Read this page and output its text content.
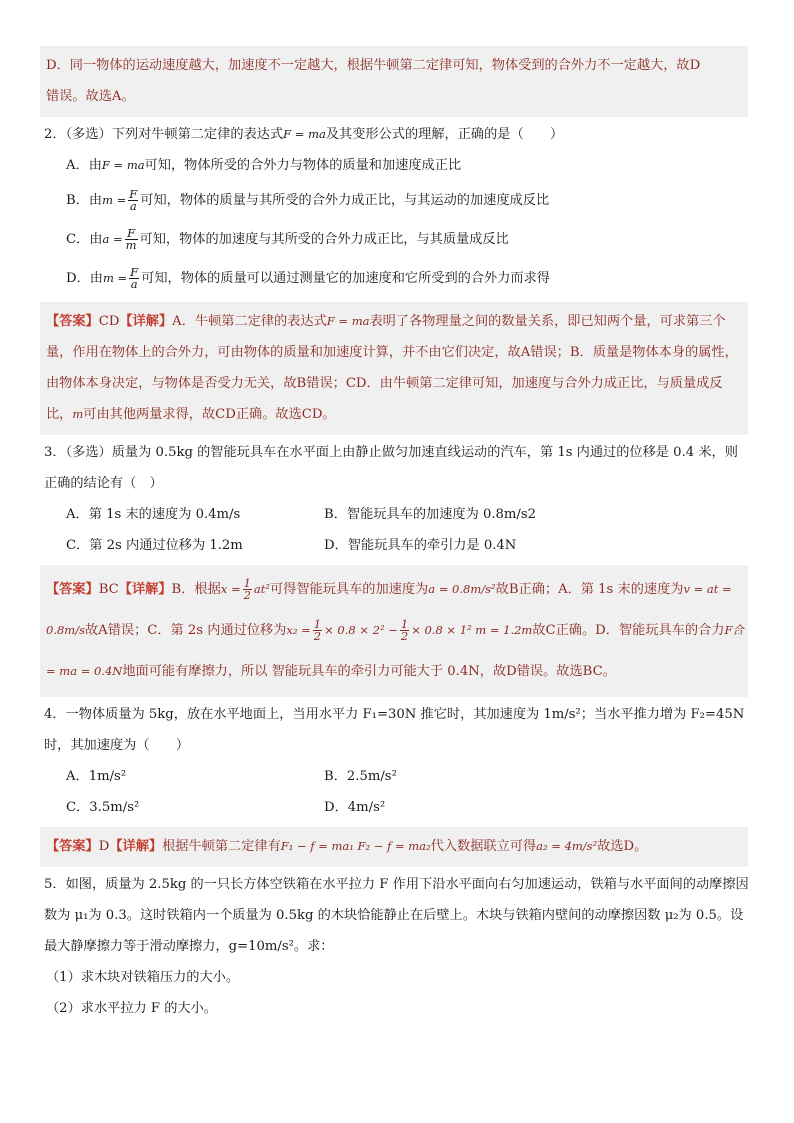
D．同一物体的运动速度越大，加速度不一定越大，根据牛顿第二定律可知，物体受到的合外力不一定越大，故D
错误。故选A。
2．（多选）下列对牛顿第二定律的表达式F = ma及其变形公式的理解，正确的是（　　）
A．由F = ma可知，物体所受的合外力与物体的质量和加速度成正比
B．由$m = \frac{F}{a}$ 可知，物体的质量与其所受的合外力成正比，与其运动的加速度成反比
C．由$a = \frac{F}{m}$ 可知，物体的加速度与其所受的合外力成正比，与其质量成反比
D．由$m = \frac{F}{a}$ 可知，物体的质量可以通过测量它的加速度和它所受到的合外力而求得
【答案】CD【详解】A．牛顿第二定律的表达式F = ma表明了各物理量之间的数量关系，即已知两个量，可求第三个量，作用在物体上的合外力，可由物体的质量和加速度计算，并不由它们决定，故A错误；B．质量是物体本身的属性，由物体本身决定，与物体是否受力无关，故B错误；CD．由牛顿第二定律可知，加速度与合外力成正比，与质量成反比，m可由其他两量求得，故CD正确。故选CD。
3．（多选）质量为 0.5kg 的智能玩具车在水平面上由静止做匀加速直线运动的汽车，第 1s 内通过的位移是 0.4 米，则正确的结论有（　）
A．第 1s 末的速度为 0.4m/s	B．智能玩具车的加速度为 0.8m/s2
C．第 2s 内通过位移为 1.2m	D．智能玩具车的牵引力是 0.4N
【答案】BC【详解】B．根据$x = \frac{1}{2} at^2$可得智能玩具车的加速度为a = 0.8m/s²故B正确；A．第 1s 末的速度为v = at = 0.8m/s故A错误；C．第 2s 内通过位移为$x_2 = \frac{1}{2} \times 0.8 \times 2^2 - \frac{1}{2} \times 0.8 \times 1^2$ m = 1.2m故C正确。D．智能玩具车的合力F合 = ma = 0.4N地面可能有摩擦力，所以 智能玩具车的牵引力可能大于 0.4N，故D错误。故选BC。
4．一物体质量为 5kg，放在水平地面上，当用水平力 F₁=30N 推它时，其加速度为 1m/s²；当水平推力增为 F₂=45N
时，其加速度为（　　）
A．1m/s²	B．2.5m/s²
C．3.5m/s²	D．4m/s²
【答案】D【详解】根据牛顿第二定律有F₁ − f = ma₁ F₂ − f = ma₂代入数据联立可得a₂ = 4m/s²故选D。
5．如图，质量为 2.5kg 的一只长方体空铁箱在水平拉力 F 作用下沿水平面向右匀加速运动，铁箱与水平面间的动摩擦因数为 μ₁为 0.3。这时铁箱内一个质量为 0.5kg 的木块恰能静止在后壁上。木块与铁箱内壁间的动摩擦因数 μ₂为 0.5。设最大静摩擦力等于滑动摩擦力，g=10m/s²。求：
（1）求木块对铁箱压力的大小。
（2）求水平拉力 F 的大小。
